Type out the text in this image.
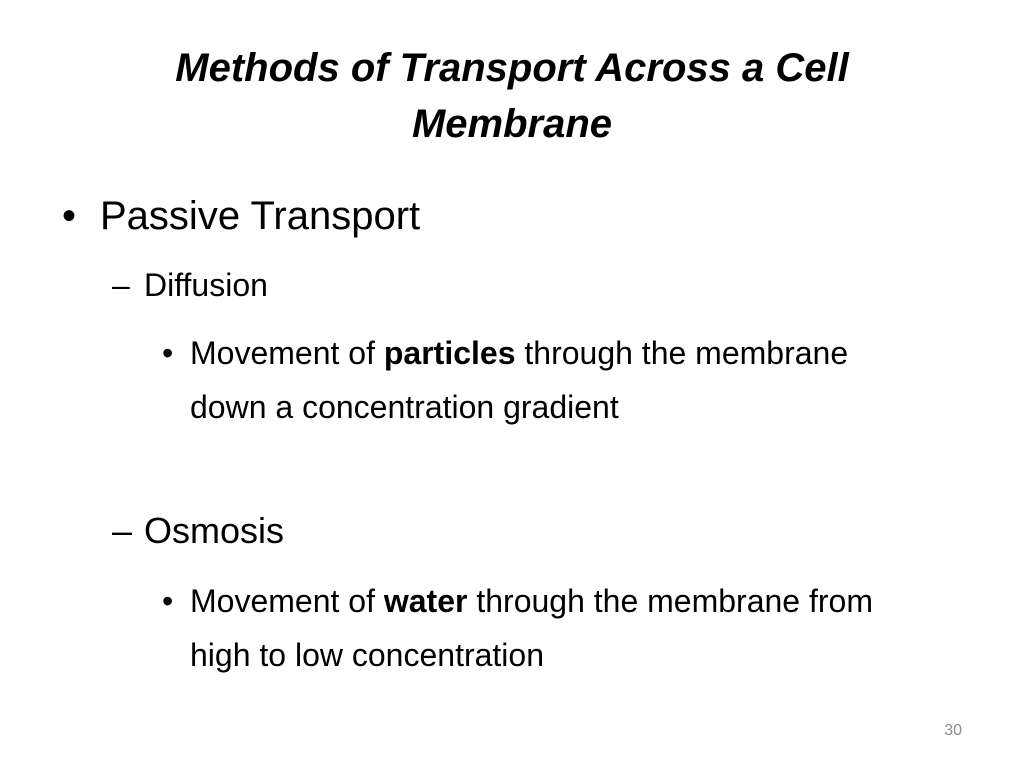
Methods of Transport Across a Cell Membrane
• Passive Transport
– Diffusion
• Movement of particles through the membrane down a concentration gradient
– Osmosis
• Movement of water through the membrane from high to low concentration
30
